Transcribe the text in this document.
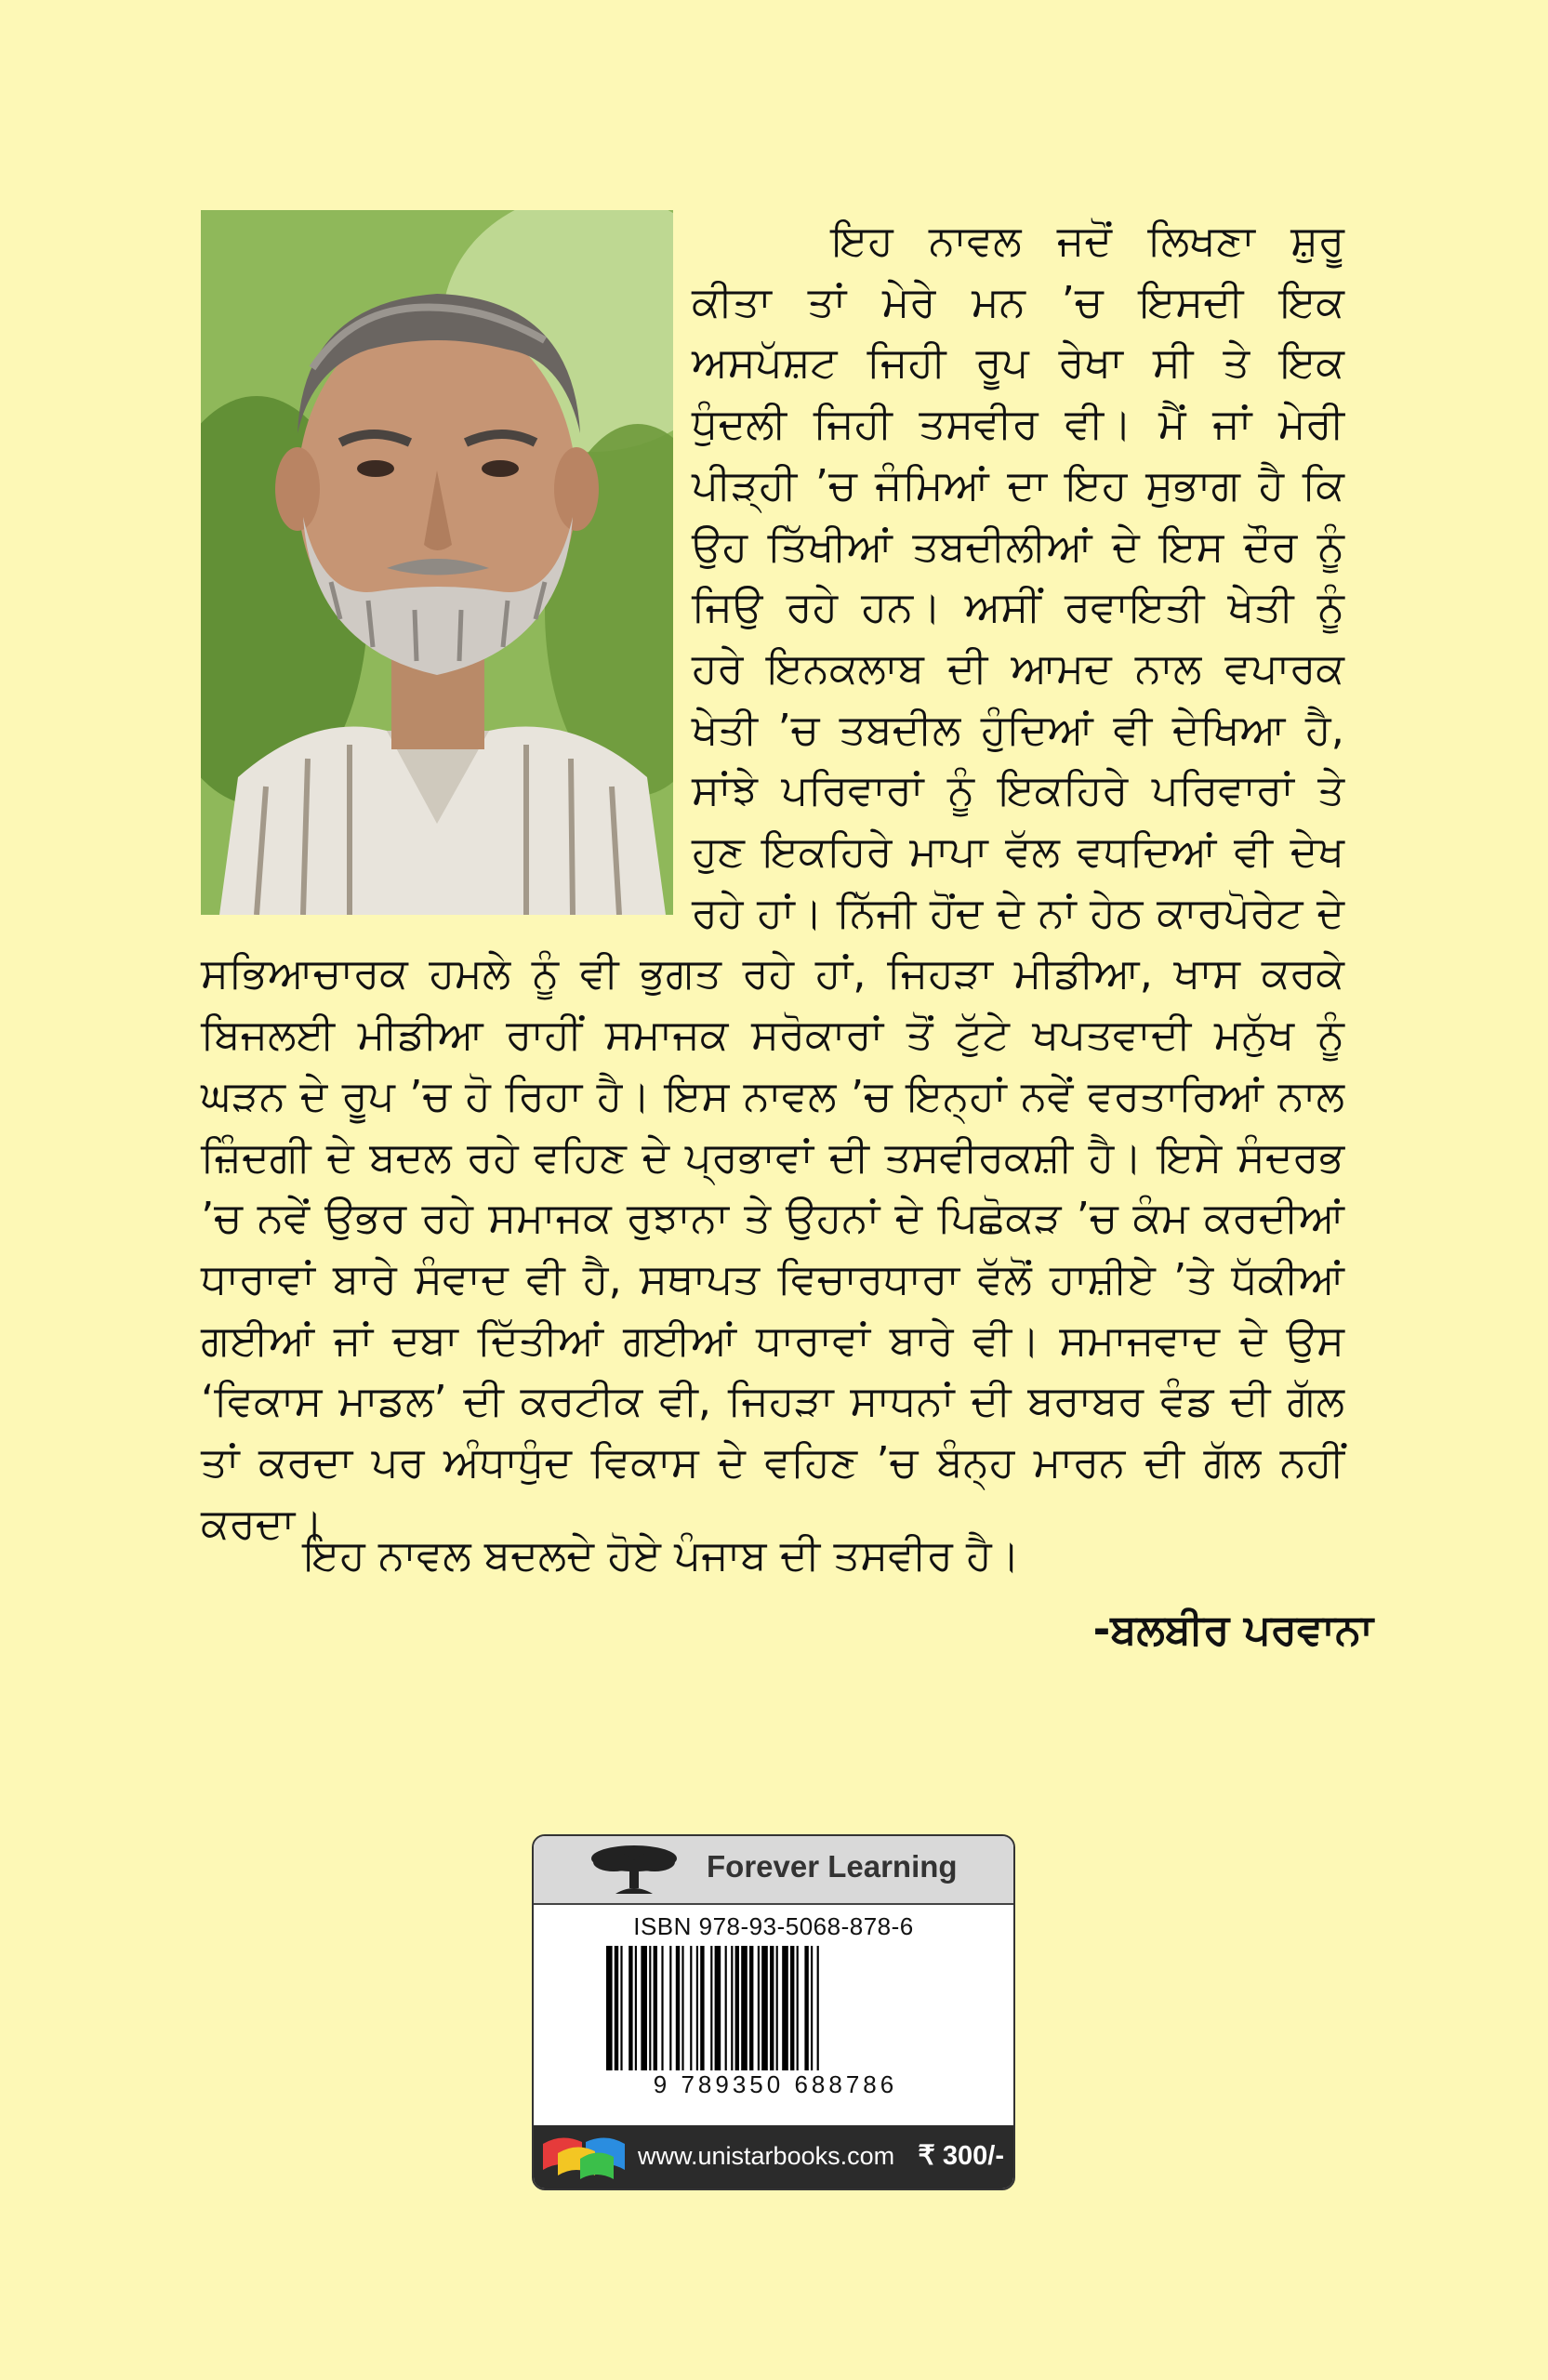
ਇਹ ਨਾਵਲ ਜਦੋਂ ਲਿਖਣਾ ਸ਼ੁਰੂ ਕੀਤਾ ਤਾਂ ਮੇਰੇ ਮਨ ’ਚ ਇਸਦੀ ਇਕ ਅਸਪੱਸ਼ਟ ਜਿਹੀ ਰੂਪ ਰੇਖਾ ਸੀ ਤੇ ਇਕ ਧੁੰਦਲੀ ਜਿਹੀ ਤਸਵੀਰ ਵੀ। ਮੈਂ ਜਾਂ ਮੇਰੀ ਪੀੜ੍ਹੀ ’ਚ ਜੰਮਿਆਂ ਦਾ ਇਹ ਸੁਭਾਗ ਹੈ ਕਿ ਉਹ ਤਿੱਖੀਆਂ ਤਬਦੀਲੀਆਂ ਦੇ ਇਸ ਦੌਰ ਨੂੰ ਜਿਉ ਰਹੇ ਹਨ। ਅਸੀਂ ਰਵਾਇਤੀ ਖੇਤੀ ਨੂੰ ਹਰੇ ਇਨਕਲਾਬ ਦੀ ਆਮਦ ਨਾਲ ਵਪਾਰਕ ਖੇਤੀ ’ਚ ਤਬਦੀਲ ਹੁੰਦਿਆਂ ਵੀ ਦੇਖਿਆ ਹੈ, ਸਾਂਝੇ ਪਰਿਵਾਰਾਂ ਨੂੰ ਇਕਹਿਰੇ ਪਰਿਵਾਰਾਂ ਤੇ ਹੁਣ ਇਕਹਿਰੇ ਮਾਪਾ ਵੱਲ ਵਧਦਿਆਂ ਵੀ ਦੇਖ ਰਹੇ ਹਾਂ। ਨਿੱਜੀ ਹੋਂਦ ਦੇ ਨਾਂ ਹੇਠ ਕਾਰਪੋਰੇਟ ਦੇ ਸਭਿਆਚਾਰਕ ਹਮਲੇ ਨੂੰ ਵੀ ਭੁਗਤ ਰਹੇ ਹਾਂ, ਜਿਹੜਾ ਮੀਡੀਆ, ਖਾਸ ਕਰਕੇ ਬਿਜਲਈ ਮੀਡੀਆ ਰਾਹੀਂ ਸਮਾਜਕ ਸਰੋਕਾਰਾਂ ਤੋਂ ਟੁੱਟੇ ਖਪਤਵਾਦੀ ਮਨੁੱਖ ਨੂੰ ਘੜਨ ਦੇ ਰੂਪ ’ਚ ਹੋ ਰਿਹਾ ਹੈ। ਇਸ ਨਾਵਲ ’ਚ ਇਨ੍ਹਾਂ ਨਵੇਂ ਵਰਤਾਰਿਆਂ ਨਾਲ ਜ਼ਿੰਦਗੀ ਦੇ ਬਦਲ ਰਹੇ ਵਹਿਣ ਦੇ ਪ੍ਰਭਾਵਾਂ ਦੀ ਤਸਵੀਰਕਸ਼ੀ ਹੈ। ਇਸੇ ਸੰਦਰਭ ’ਚ ਨਵੇਂ ਉਭਰ ਰਹੇ ਸਮਾਜਕ ਰੁਝਾਨਾ ਤੇ ਉਹਨਾਂ ਦੇ ਪਿਛੋਕੜ ’ਚ ਕੰਮ ਕਰਦੀਆਂ ਧਾਰਾਵਾਂ ਬਾਰੇ ਸੰਵਾਦ ਵੀ ਹੈ, ਸਥਾਪਤ ਵਿਚਾਰਧਾਰਾ ਵੱਲੋਂ ਹਾਸ਼ੀਏ ’ਤੇ ਧੱਕੀਆਂ ਗਈਆਂ ਜਾਂ ਦਬਾ ਦਿੱਤੀਆਂ ਗਈਆਂ ਧਾਰਾਵਾਂ ਬਾਰੇ ਵੀ। ਸਮਾਜਵਾਦ ਦੇ ਉਸ ‘ਵਿਕਾਸ ਮਾਡਲ’ ਦੀ ਕਰਟੀਕ ਵੀ, ਜਿਹੜਾ ਸਾਧਨਾਂ ਦੀ ਬਰਾਬਰ ਵੰਡ ਦੀ ਗੱਲ ਤਾਂ ਕਰਦਾ ਪਰ ਅੰਧਾਧੁੰਦ ਵਿਕਾਸ ਦੇ ਵਹਿਣ ’ਚ ਬੰਨ੍ਹ ਮਾਰਨ ਦੀ ਗੱਲ ਨਹੀਂ ਕਰਦਾ।

ਇਹ ਨਾਵਲ ਬਦਲਦੇ ਹੋਏ ਪੰਜਾਬ ਦੀ ਤਸਵੀਰ ਹੈ।

-ਬਲਬੀਰ ਪਰਵਾਨਾ
Forever Learning
ISBN 978-93-5068-878-6
9 789350 688786
www.unistarbooks.com ₹ 300/-
